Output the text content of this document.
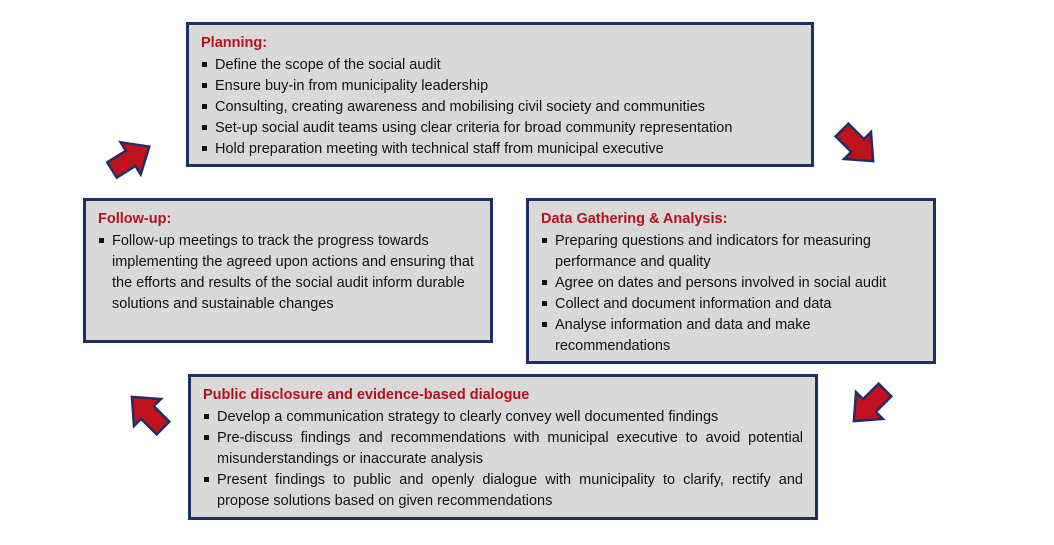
Planning:
Define the scope of the social audit
Ensure buy-in from municipality leadership
Consulting, creating awareness and mobilising civil society and communities
Set-up social audit teams using clear criteria for broad community representation
Hold preparation meeting with technical staff from municipal executive
Data Gathering & Analysis:
Preparing questions and indicators for measuring performance and quality
Agree on dates and persons involved in social audit
Collect and document information and data
Analyse information and data and make recommendations
Public disclosure and evidence-based dialogue
Develop a communication strategy to clearly convey well documented findings
Pre-discuss findings and recommendations with municipal executive to avoid potential misunderstandings or inaccurate analysis
Present findings to public and openly dialogue with municipality to clarify, rectify and propose solutions based on given recommendations
Follow-up:
Follow-up meetings to track the progress towards implementing the agreed upon actions and ensuring that the efforts and results of the social audit inform durable solutions and sustainable changes
